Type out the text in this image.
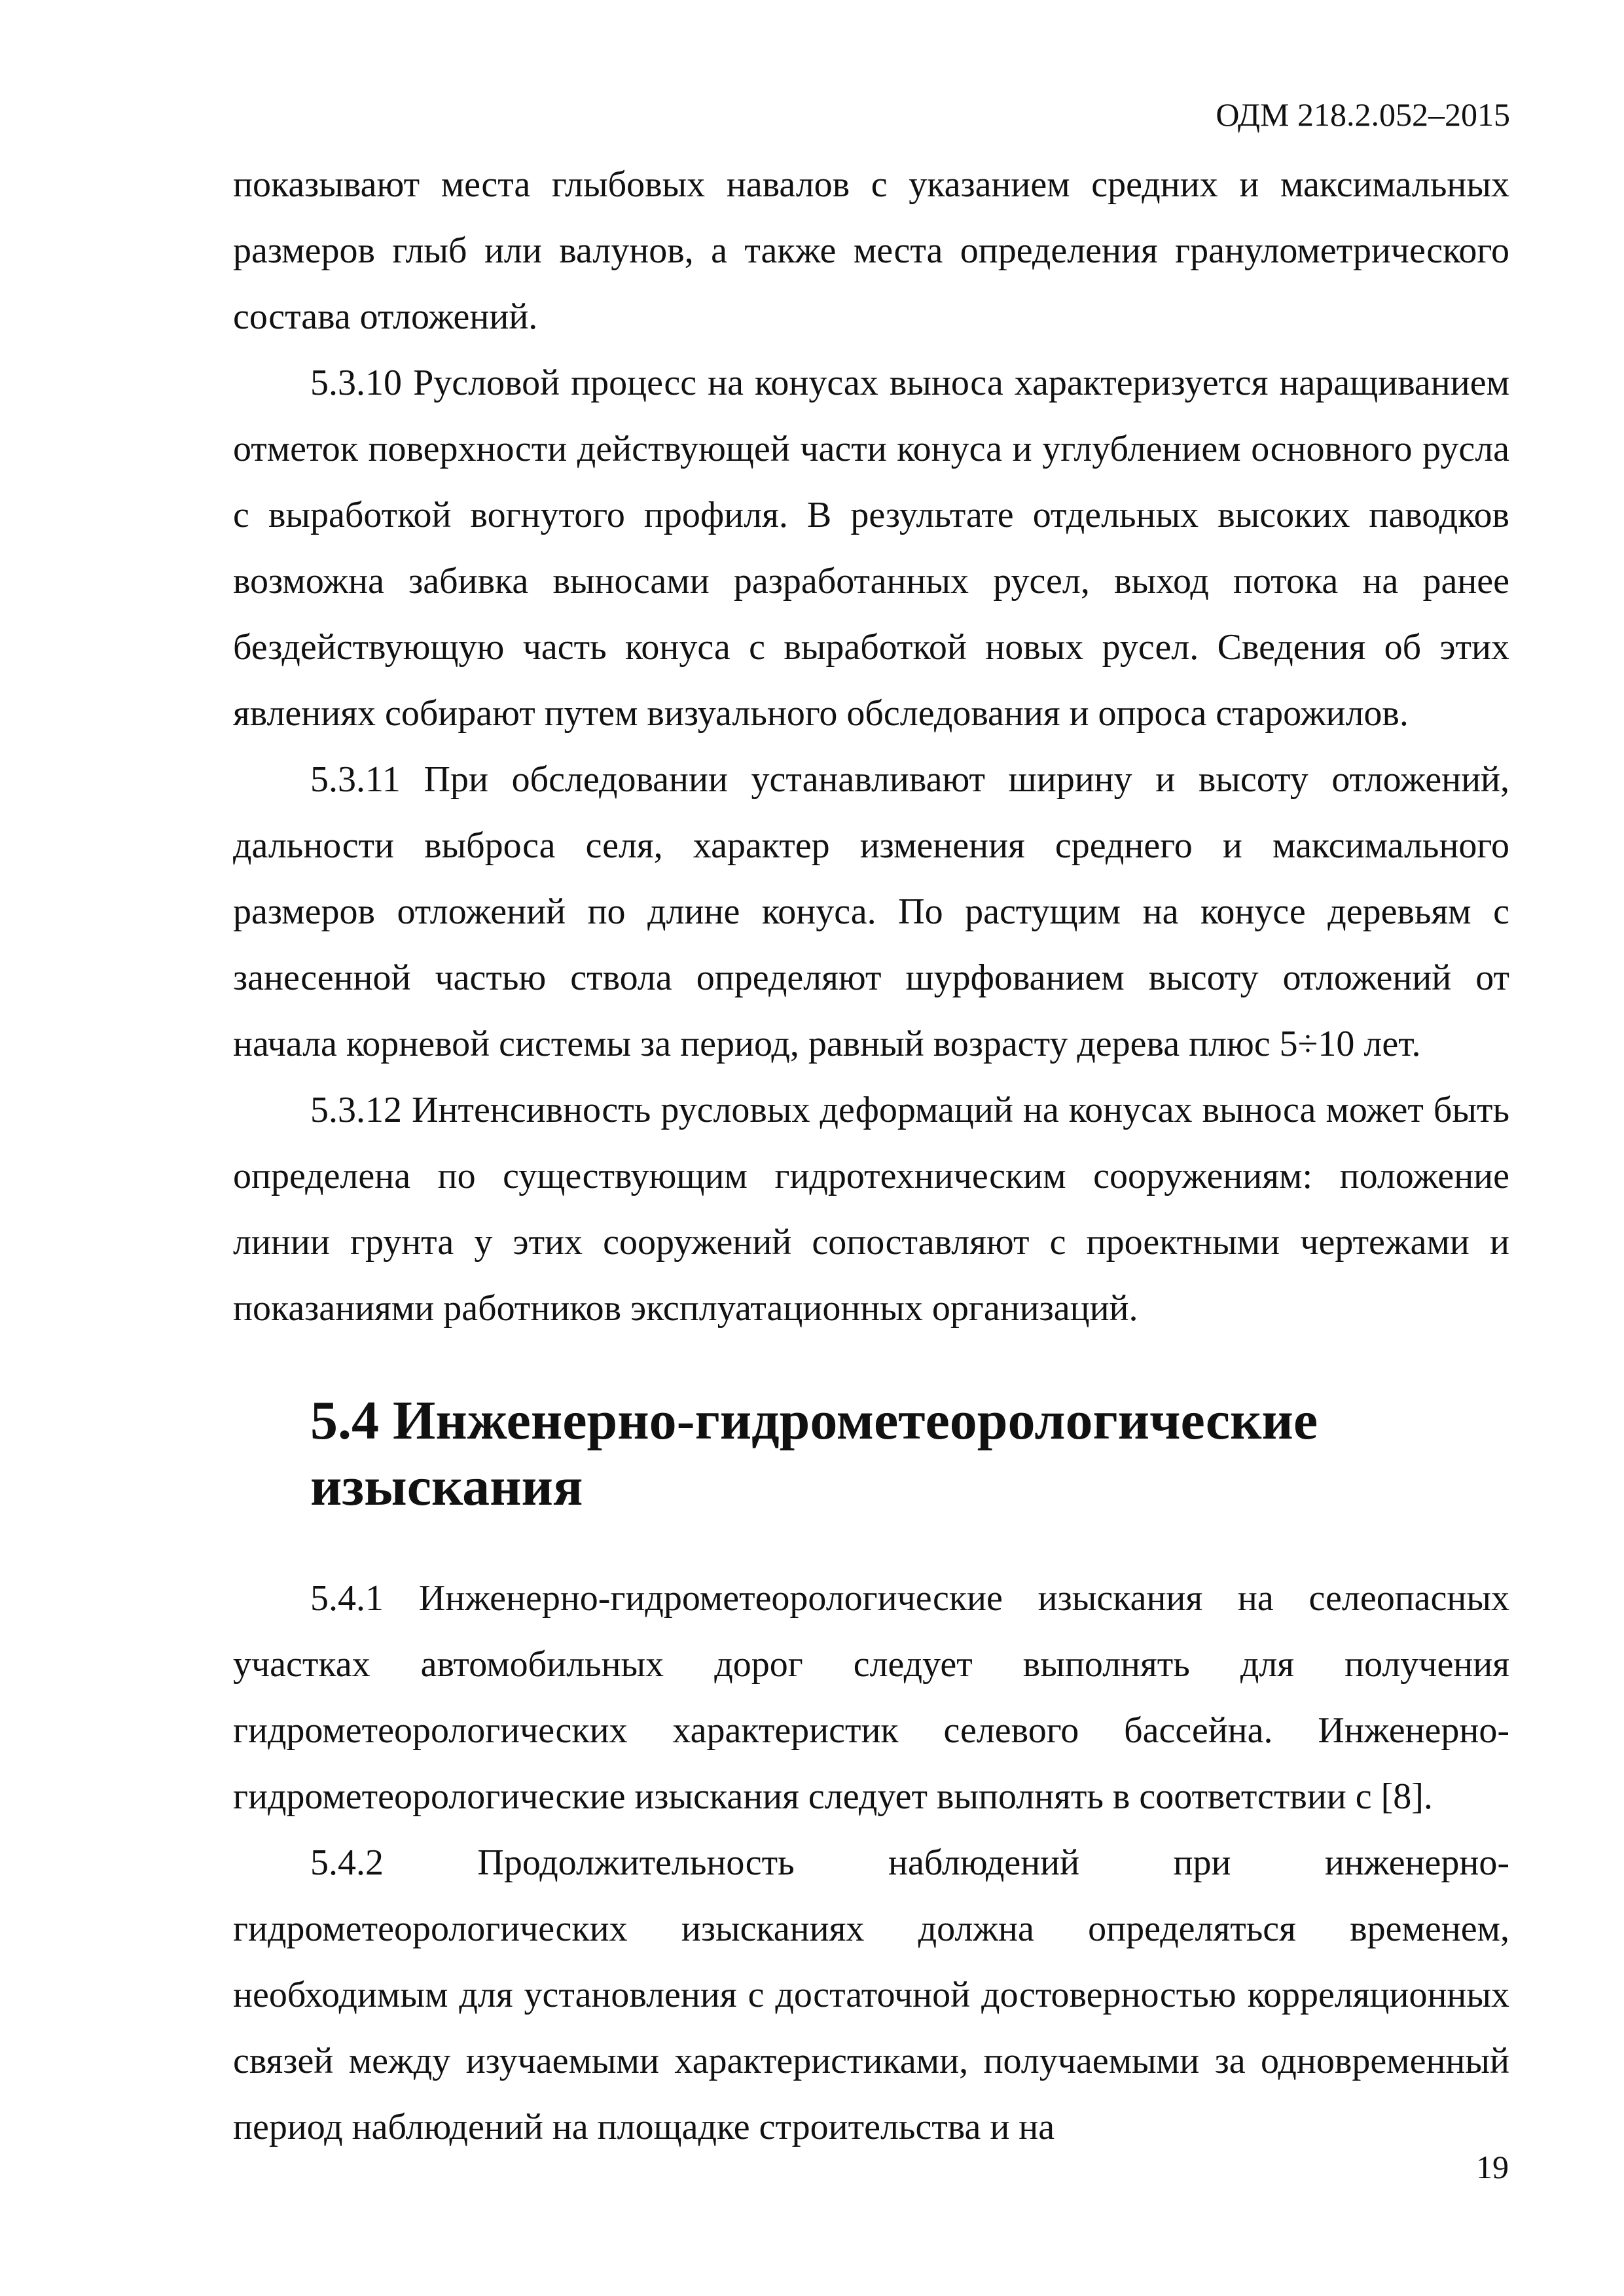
ОДМ 218.2.052–2015

показывают места глыбовых навалов с указанием средних и максимальных размеров глыб или валунов, а также места определения гранулометрического состава отложений.

5.3.10 Русловой процесс на конусах выноса характеризуется наращиванием отметок поверхности действующей части конуса и углублением основного русла с выработкой вогнутого профиля. В результате отдельных высоких паводков возможна забивка выносами разработанных русел, выход потока на ранее бездействующую часть конуса с выработкой новых русел. Сведения об этих явлениях собирают путем визуального обследования и опроса старожилов.

5.3.11 При обследовании устанавливают ширину и высоту отложений, дальности выброса селя, характер изменения среднего и максимального размеров отложений по длине конуса. По растущим на конусе деревьям с занесенной частью ствола определяют шурфованием высоту отложений от начала корневой системы за период, равный возрасту дерева плюс 5÷10 лет.

5.3.12 Интенсивность русловых деформаций на конусах выноса может быть определена по существующим гидротехническим сооружениям: положение линии грунта у этих сооружений сопоставляют с проектными чертежами и показаниями работников эксплуатационных организаций.

5.4 Инженерно-гидрометеорологические изыскания

5.4.1 Инженерно-гидрометеорологические изыскания на селеопасных участках автомобильных дорог следует выполнять для получения гидрометеорологических характеристик селевого бассейна. Инженерно-гидрометеорологические изыскания следует выполнять в соответствии с [8].

5.4.2 Продолжительность наблюдений при инженерно-гидрометеорологических изысканиях должна определяться временем, необходимым для установления с достаточной достоверностью корреляционных связей между изучаемыми характеристиками, получаемыми за одновременный период наблюдений на площадке строительства и на

19
